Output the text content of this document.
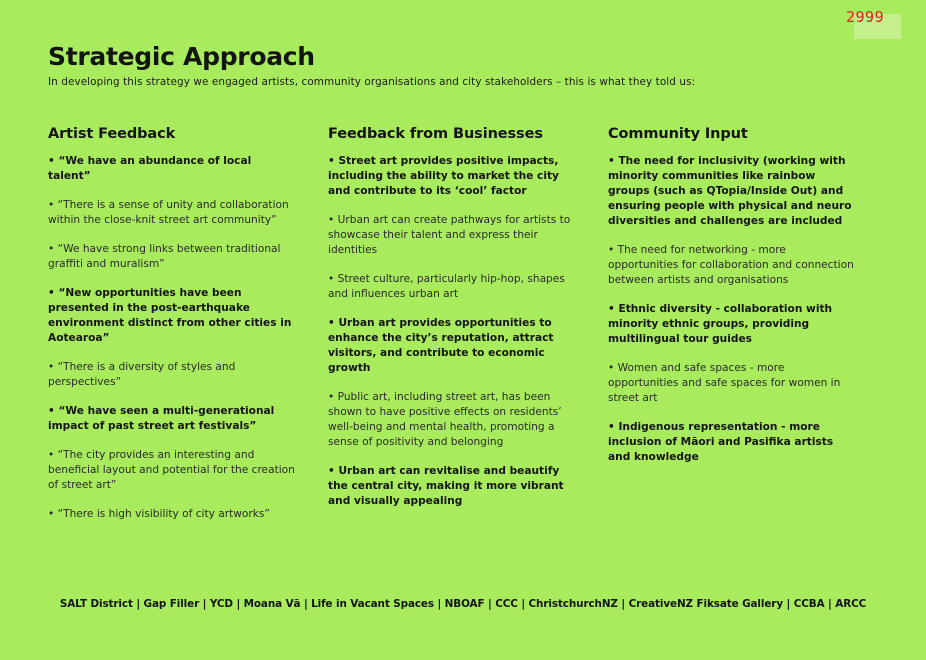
2999
Strategic Approach

In developing this strategy we engaged artists, community organisations and city stakeholders – this is what they told us:

Artist Feedback

• “We have an abundance of local talent”

• “There is a sense of unity and collaboration within the close-knit street art community”

• “We have strong links between traditional graffiti and muralism”

• “New opportunities have been presented in the post-earthquake environment distinct from other cities in Aotearoa”

• “There is a diversity of styles and perspectives”

• “We have seen a multi-generational impact of past street art festivals”

• “The city provides an interesting and beneficial layout and potential for the creation of street art”

• “There is high visibility of city artworks”

Feedback from Businesses

• Street art provides positive impacts, including the ability to market the city and contribute to its ‘cool’ factor

• Urban art can create pathways for artists to showcase their talent and express their identities

• Street culture, particularly hip-hop, shapes and influences urban art

• Urban art provides opportunities to enhance the city’s reputation, attract visitors, and contribute to economic growth

• Public art, including street art, has been shown to have positive effects on residents’ well-being and mental health, promoting a sense of positivity and belonging

• Urban art can revitalise and beautify the central city, making it more vibrant and visually appealing

Community Input

• The need for inclusivity (working with minority communities like rainbow groups (such as QTopia/Inside Out) and ensuring people with physical and neuro diversities and challenges are included

• The need for networking - more opportunities for collaboration and connection between artists and organisations

• Ethnic diversity - collaboration with minority ethnic groups, providing multilingual tour guides

• Women and safe spaces - more opportunities and safe spaces for women in street art

• Indigenous representation - more inclusion of Māori and Pasifika artists and knowledge

SALT District | Gap Filler | YCD | Moana Vā | Life in Vacant Spaces | NBOAF | CCC | ChristchurchNZ | CreativeNZ Fiksate Gallery | CCBA | ARCC
